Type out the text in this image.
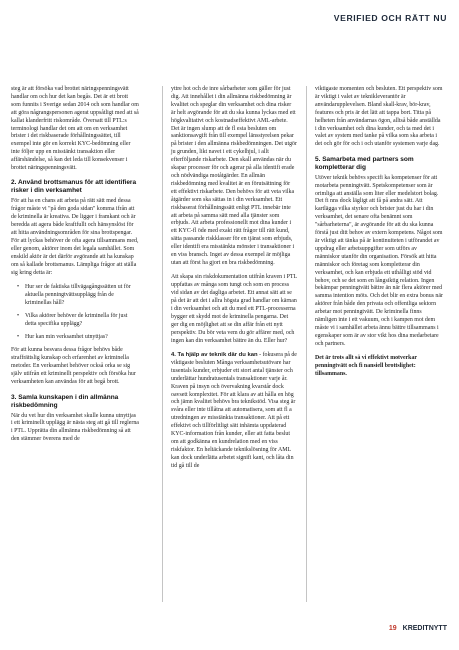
VERIFIED OCH RÄTT NU

steg är att försöka vad brottet näringspenningsvätt handlar om och hur det kan begås. Det är ett brott som funnits i Sverige sedan 2014 och som handlar om att göra någrangspersonen agerat uppsåtligt med att så kallat klanderfritt riskområde. Översatt till PTL:s terminologi handlar det om att om en verksamhet brister i det riskbaserade förhållningssättet, till exempel inte gör en korrekt KYC-bedömning eller inte följer upp en misstänkt transaktion eller affärshändelse, så kan det leda till konsekvenser i brottet näringspenningsvätt.

2. Använd brottsmanus för att identifiera risker i din verksamhet

För att ha en chans att arbeta på rätt sätt med dessa frågor måste vi "på den goda sidan" komma ifrån att de kriminella är kreativa. De ligger i framkant och är beredda att agera både kraftfullt och hänsynslöst för att hitta användningsområden för sina brottspengar. För att lyckas behöver de ofta agera tillsammans med, eller genom, aktörer inom det legala samhället. Som enskild aktör är det därför avgörande att ha kunskap om så kallade brottsmanus. Lämpliga frågor att ställa sig kring detta är:

• Hur ser de faktiska tillvägagångssätten ut för aktuella penningtvättsupplägg från de kriminellas håll?
• Vilka aktörer behöver de kriminella för just detta specifika upplägg?
• Hur kan min verksamhet utnyttjas?

För att kunna besvara dessa frågor behövs både straffrättslig kunskap och erfarenhet av kriminella metoder. En verksamhet behöver också orka se sig själv utifrån ett kriminellt perspektiv och försöka hur verksamheten kan användas för att begå brott.

3. Samla kunskapen i din allmänna riskbedömning

När du vet hur din verksamhet skulle kunna utnyttjas i ett kriminellt upplägg är nästa steg att gå till reglerna i PTL. Upprätta din allmänna riskbedömning så att den stämmer överens med de

yttre hot och de inre sårbarheter som gäller för just dig. Att innehållet i din allmänna riskbedömning är kvalitet och speglar din verksamhet och dina risker är helt avgörande för att du ska kunna lyckas med ett högkvalitativt och kostnadseffektivt AML-arbete. Det är ingen slump att de fl esta besluten om sanktionsavgift från till exempel länsstyrelsen pekar på brister i den allmänna riskbedömningen. Det utgör ju grunden, likt navet i ett cykelhjul, i allt efterföljande riskarbete. Den skall användas när du skapar processer för och agerar på alla identifi erade och nödvändiga motåtgärder. En allmän riskbedömning med kvalitet är en förutsättning för ett effektivt riskarbete. Den behövs för att veta vilka åtgärder som ska sättas in i din verksamhet. Ett riskbaserat förhållningssätt enligt PTL innebär inte att arbeta på samma sätt med alla tjänster som erbjuds. Att arbeta professionellt mot dina kunder i ett KYC-fl öde med exakt rätt frågor till rätt kund, sätta passande riskklasser för en tjänst som erbjuds, eller identifi era misstänkta mönster i transaktioner i en viss bransch. Inget av dessa exempel är möjliga utan att först ha gjort en bra riskbedömning.

Att skapa sin riskdokumentation utifrån kraven i PTL uppfattas av många som tungt och som en process vid sidan av det dagliga arbetet. Ett annat sätt att se på det är att det i allra högsta grad handlar om kärnan i din verksamhet och att du med ett PTL-processerna bygger ett skydd mot de kriminella pengarna. Det ger dig en möjlighet att se din affär från ett nytt perspektiv. Du bör veta vem du gör affärer med, och ingen kan din verksamhet bättre än du. Eller hur?

4. Ta hjälp av teknik där du kan - fokusera på de viktigaste besluten Många verksamhetsutövare har tusentals kunder, erbjuder ett stort antal tjänster och underlättar hundratusentals transaktioner varje år. Kraven på insyn och övervakning kvarstår dock oavsett komplexitet. För att klara av att hålla en hög och jämn kvalitet behövs bra teknikstöd. Visa steg är svåra eller inte tillåtna att automatisera, som att fl a utredningen av misstänkta transaktioner. Att på ett effektivt och tillförlitligt sätt inhämta uppdaterad KYC-information från kunder, eller att fatta beslut om att godkänna en kundrelation med en viss riskfaktor. En heltäckande teknikslösning för AML kan dock underlätta arbetet signifi kant, och låta din tid gå till de

viktigaste momenten och besluten. Ett perspektiv som är viktigt i valet av teknikleverantör är användarupplevelsen. Bland skall-krav, bör-krav, features och pris är det lätt att tappa bort. Titta på helheten från användarnas ögon, alltså både anställda i din verksamhet och dina kunder, och ta med det i valet av system med tanke på vilka som ska arbeta i det och gör för och i och utanför systemen varje dag.

5. Samarbeta med partners som kompletterar dig

Utöver teknik behövs specifi ka kompetenser för att motarbeta penningtvätt. Spetskompetenser som är orimliga att anställa som liter eller medelstort bolag. Det fi nns dock lägligt att få på andra sätt. Att kartlägga vilka styrkor och brister just du har i din verksamhet, det senare ofta benämnt som "sårbarheterna", är avgörande för att du ska kunna förstå just ditt behov av extern kompetens. Något som är viktigt att tänka på är kontinuiteten i utförandet av uppdrag eller arbetsuppgifter som utförs av människor utanför din organisation. Försök att hitta människor och företag som kompletterar din verksamhet, och kan erbjuda ett uthålligt stöd vid behov, och se det som en långsiktig relation. Ingen bekämpar penningtvätt bättre än när flera aktörer med samma intention möts. Och det blir en extra bonus när aktörer från både den privata och offentliga sektorn arbetar mot penningtvätt. De kriminella finns nämligen inte i ett vakuum, och i kampen mot dem måste vi i samhället arbeta ännu bättre tillsammans i egenskaper som är av stor vikt hos dina medarbetare och partners.

Det är trots allt så vi effektivt motverkar penningtvätt och fi nansiell brottslighet: tillsammans.

19 KREDITNYTT
